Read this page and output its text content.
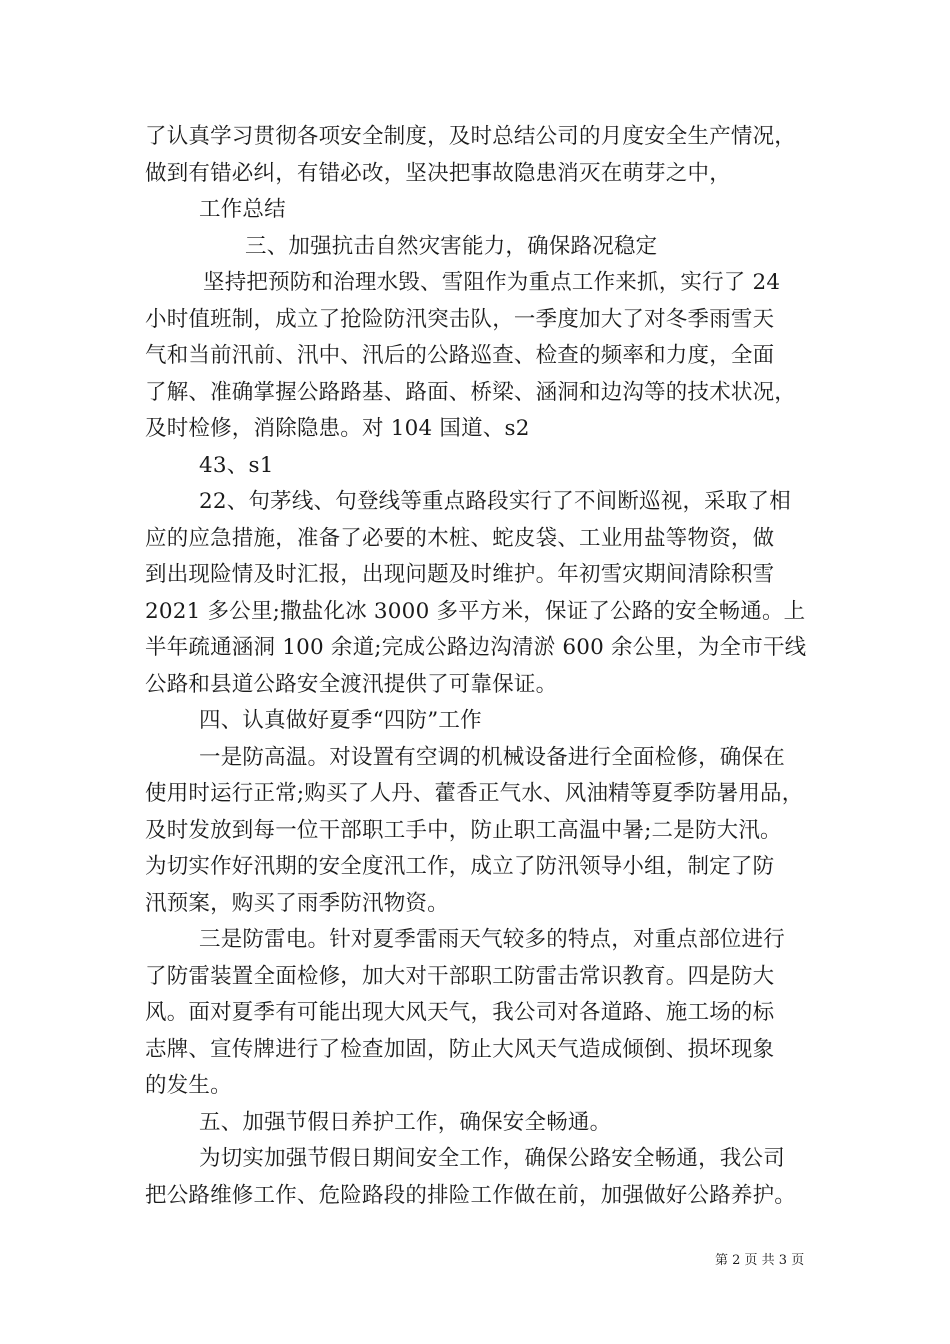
了认真学习贯彻各项安全制度，及时总结公司的月度安全生产情况，
做到有错必纠，有错必改，坚决把事故隐患消灭在萌芽之中，
工作总结
三、加强抗击自然灾害能力，确保路况稳定
坚持把预防和治理水毁、雪阻作为重点工作来抓，实行了 24
小时值班制，成立了抢险防汛突击队，一季度加大了对冬季雨雪天
气和当前汛前、汛中、汛后的公路巡查、检查的频率和力度，全面
了解、准确掌握公路路基、路面、桥梁、涵洞和边沟等的技术状况，
及时检修，消除隐患。对 104 国道、s2
43、s1
22、句茅线、句登线等重点路段实行了不间断巡视，采取了相
应的应急措施，准备了必要的木桩、蛇皮袋、工业用盐等物资，做
到出现险情及时汇报，出现问题及时维护。年初雪灾期间清除积雪
2021 多公里;撒盐化冰 3000 多平方米，保证了公路的安全畅通。上
半年疏通涵洞 100 余道;完成公路边沟清淤 600 余公里，为全市干线
公路和县道公路安全渡汛提供了可靠保证。
四、认真做好夏季“四防”工作
一是防高温。对设置有空调的机械设备进行全面检修，确保在
使用时运行正常;购买了人丹、藿香正气水、风油精等夏季防暑用品，
及时发放到每一位干部职工手中，防止职工高温中暑;二是防大汛。
为切实作好汛期的安全度汛工作，成立了防汛领导小组，制定了防
汛预案，购买了雨季防汛物资。
三是防雷电。针对夏季雷雨天气较多的特点，对重点部位进行
了防雷装置全面检修，加大对干部职工防雷击常识教育。四是防大
风。面对夏季有可能出现大风天气，我公司对各道路、施工场的标
志牌、宣传牌进行了检查加固，防止大风天气造成倾倒、损坏现象
的发生。
五、加强节假日养护工作，确保安全畅通。
为切实加强节假日期间安全工作，确保公路安全畅通，我公司
把公路维修工作、危险路段的排险工作做在前，加强做好公路养护。
第 2 页 共 3 页
